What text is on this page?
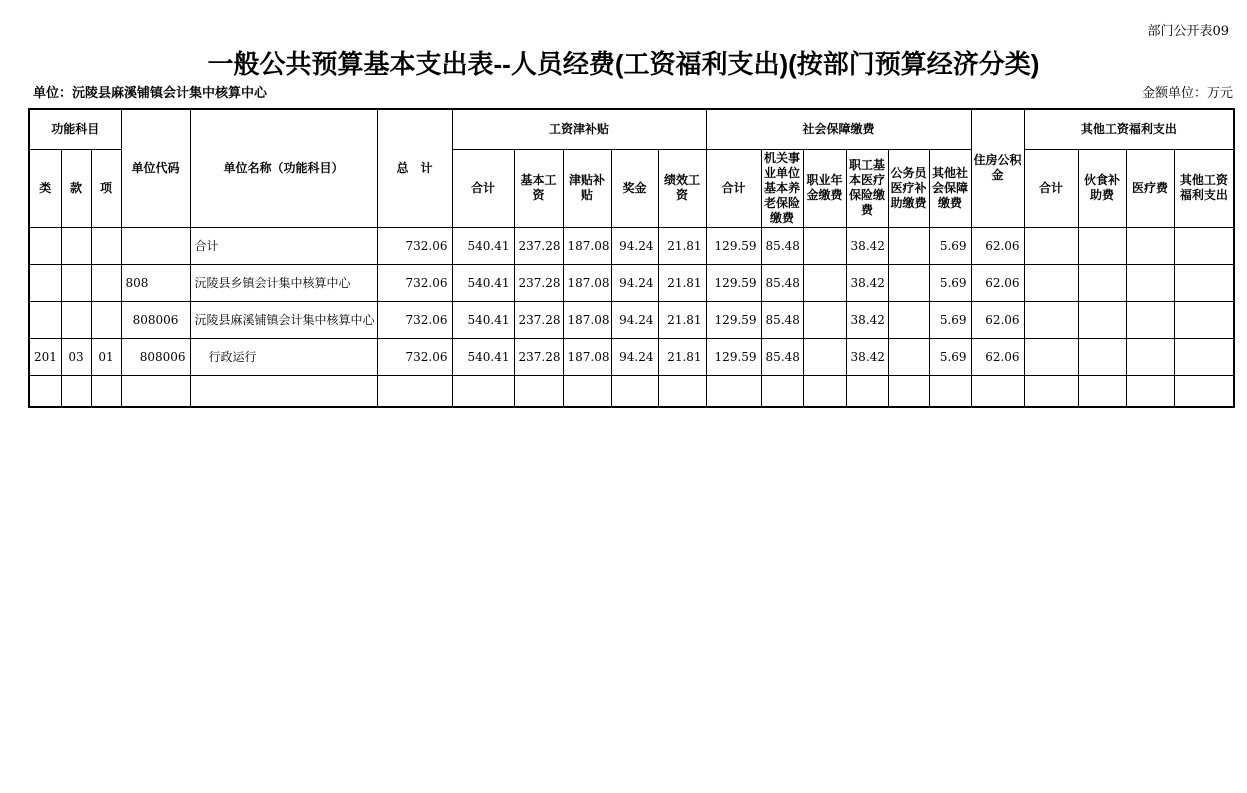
部门公开表09
一般公共预算基本支出表--人员经费(工资福利支出)(按部门预算经济分类)
单位：沅陵县麻溪铺镇会计集中核算中心	金额单位：万元
功能科目			单位代码	单位名称（功能科目）	总　计	工资津补贴					社会保障缴费						住房公积金	其他工资福利支出			
类	款	项				合计	基本工资	津贴补贴	奖金	绩效工资	合计	机关事业单位基本养老保险缴费	职业年金缴费	职工基本医疗保险缴费	公务员医疗补助缴费	其他社会保障缴费		合计	伙食补助费	医疗费	其他工资福利支出
				合计	732.06	540.41	237.28	187.08	94.24	21.81	129.59	85.48		38.42		5.69	62.06				
			808	沅陵县乡镇会计集中核算中心	732.06	540.41	237.28	187.08	94.24	21.81	129.59	85.48		38.42		5.69	62.06				
			808006	沅陵县麻溪铺镇会计集中核算中心	732.06	540.41	237.28	187.08	94.24	21.81	129.59	85.48		38.42		5.69	62.06				
201	03	01	808006	行政运行	732.06	540.41	237.28	187.08	94.24	21.81	129.59	85.48		38.42		5.69	62.06				
